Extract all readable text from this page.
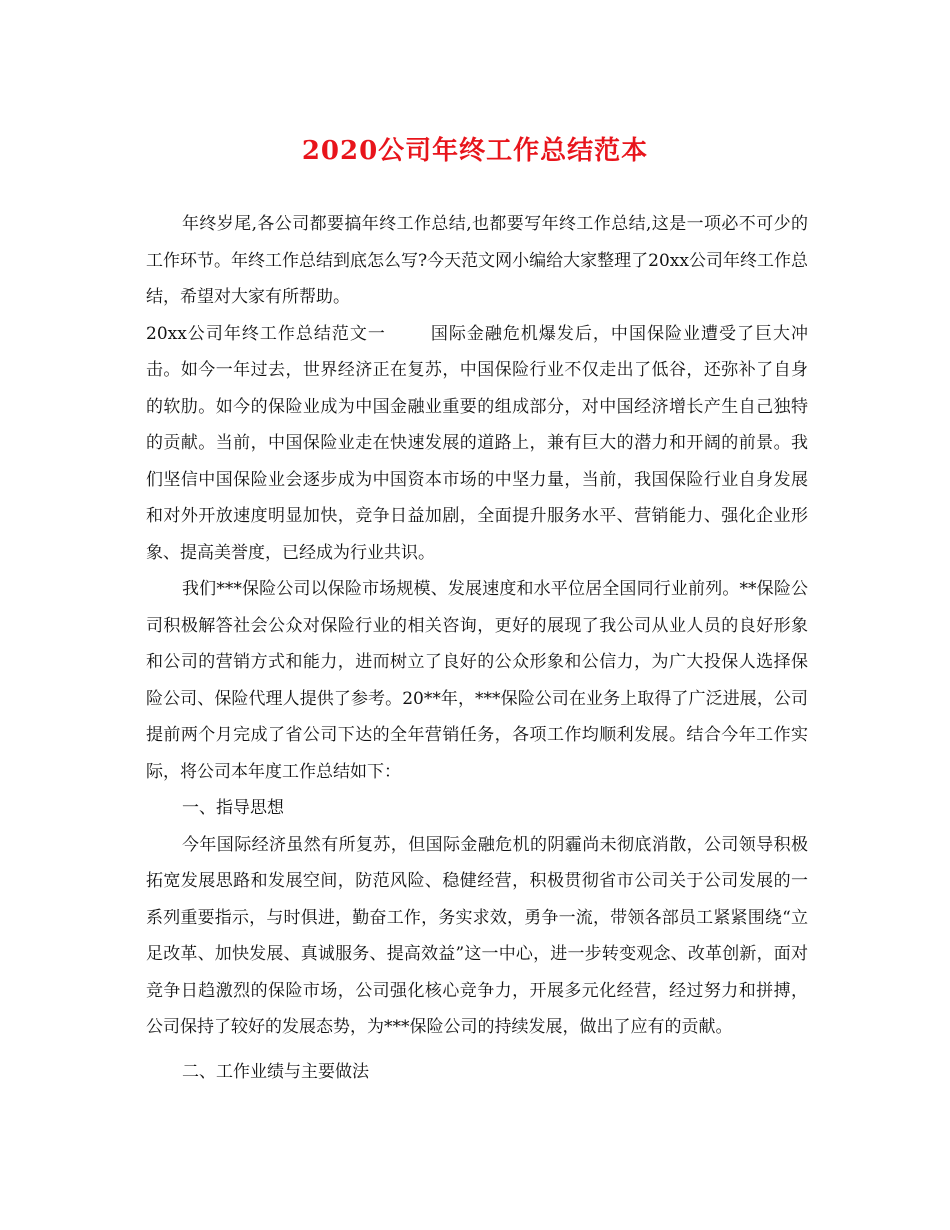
2020公司年终工作总结范本

年终岁尾,各公司都要搞年终工作总结,也都要写年终工作总结,这是一项必不可少的工作环节。年终工作总结到底怎么写?今天范文网小编给大家整理了20xx公司年终工作总结，希望对大家有所帮助。

20xx公司年终工作总结范文一	国际金融危机爆发后，中国保险业遭受了巨大冲击。如今一年过去，世界经济正在复苏，中国保险行业不仅走出了低谷，还弥补了自身的软肋。如今的保险业成为中国金融业重要的组成部分，对中国经济增长产生自己独特的贡献。当前，中国保险业走在快速发展的道路上，兼有巨大的潜力和开阔的前景。我们坚信中国保险业会逐步成为中国资本市场的中坚力量，当前，我国保险行业自身发展和对外开放速度明显加快，竞争日益加剧，全面提升服务水平、营销能力、强化企业形象、提高美誉度，已经成为行业共识。

我们***保险公司以保险市场规模、发展速度和水平位居全国同行业前列。**保险公司积极解答社会公众对保险行业的相关咨询，更好的展现了我公司从业人员的良好形象和公司的营销方式和能力，进而树立了良好的公众形象和公信力，为广大投保人选择保险公司、保险代理人提供了参考。20**年，***保险公司在业务上取得了广泛进展，公司提前两个月完成了省公司下达的全年营销任务，各项工作均顺利发展。结合今年工作实际，将公司本年度工作总结如下：

一、指导思想

今年国际经济虽然有所复苏，但国际金融危机的阴霾尚未彻底消散，公司领导积极拓宽发展思路和发展空间，防范风险、稳健经营，积极贯彻省市公司关于公司发展的一系列重要指示，与时俱进，勤奋工作，务实求效，勇争一流，带领各部员工紧紧围绕“立足改革、加快发展、真诚服务、提高效益”这一中心，进一步转变观念、改革创新，面对竞争日趋激烈的保险市场，公司强化核心竞争力，开展多元化经营，经过努力和拼搏，公司保持了较好的发展态势，为***保险公司的持续发展，做出了应有的贡献。

二、工作业绩与主要做法
